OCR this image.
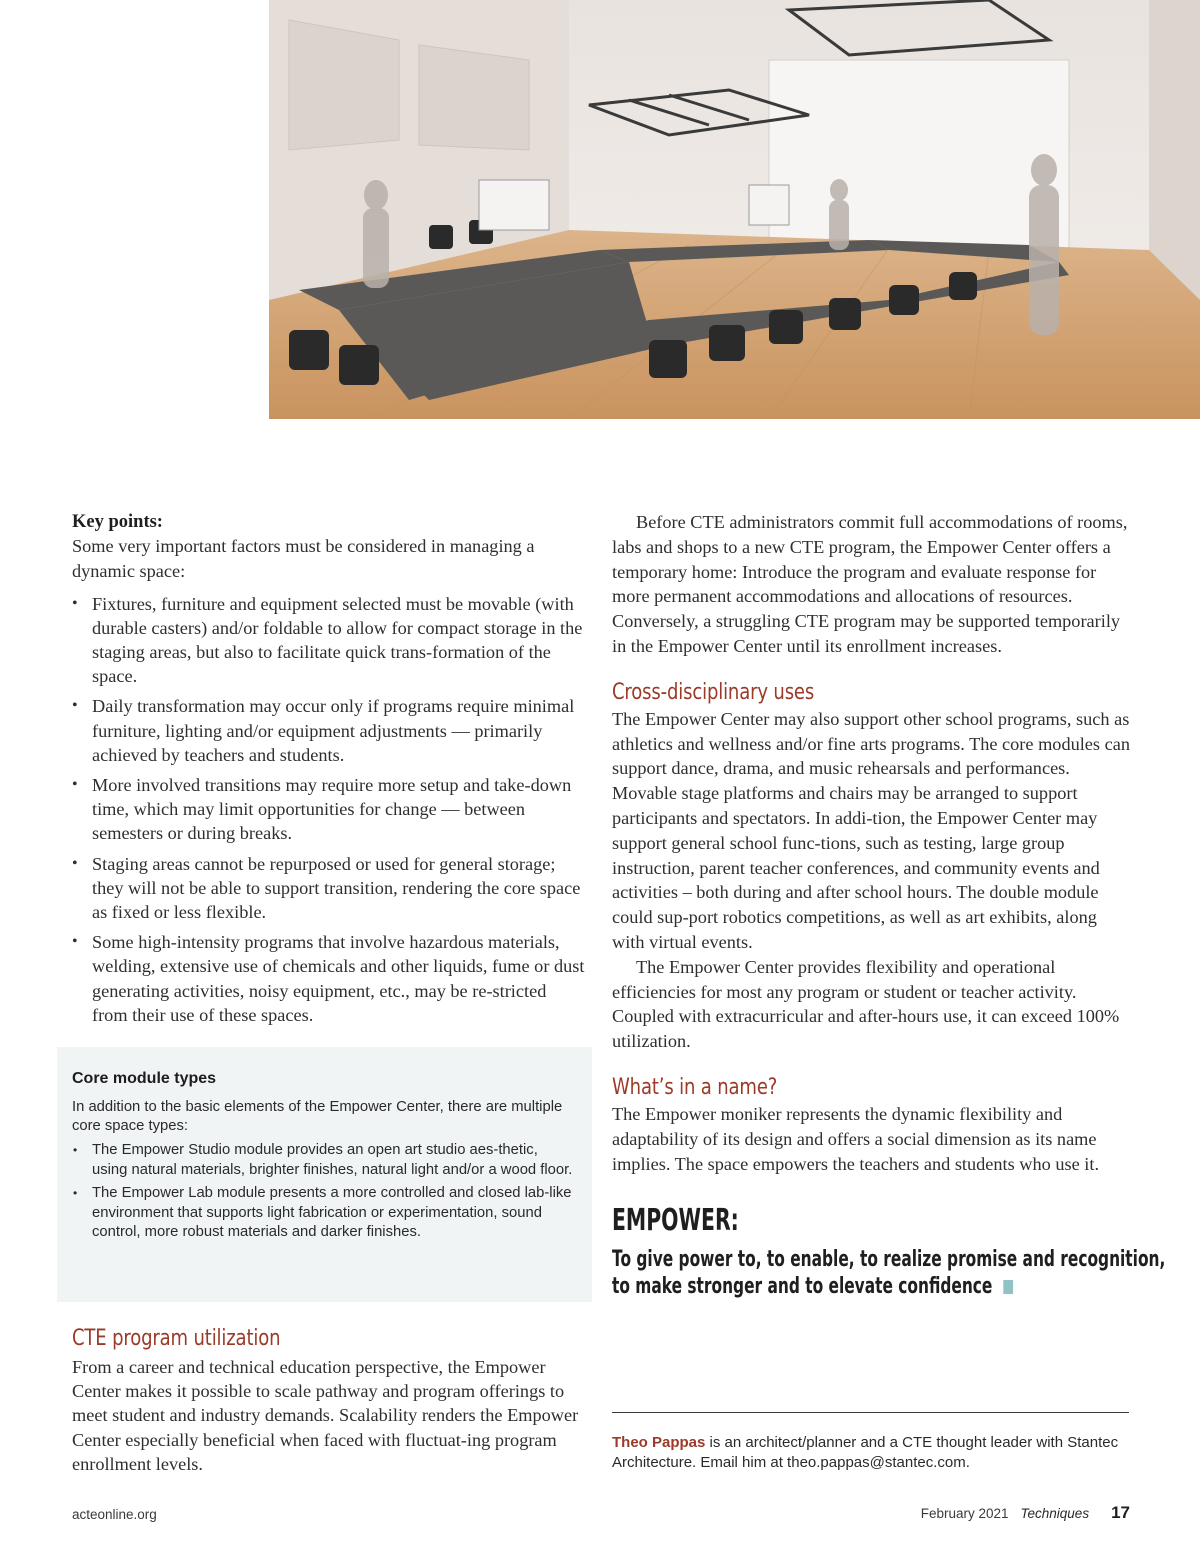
Key points:

Some very important factors must be considered in managing a dynamic space:

• Fixtures, furniture and equipment selected must be movable (with durable casters) and/or foldable to allow for compact storage in the staging areas, but also to facilitate quick trans-formation of the space.
• Daily transformation may occur only if programs require minimal furniture, lighting and/or equipment adjustments — primarily achieved by teachers and students.
• More involved transitions may require more setup and take-down time, which may limit opportunities for change — between semesters or during breaks.
• Staging areas cannot be repurposed or used for general storage; they will not be able to support transition, rendering the core space as fixed or less flexible.
• Some high-intensity programs that involve hazardous materials, welding, extensive use of chemicals and other liquids, fume or dust generating activities, noisy equipment, etc., may be re-stricted from their use of these spaces.

Core module types

In addition to the basic elements of the Empower Center, there are multiple core space types:

• The Empower Studio module provides an open art studio aes-thetic, using natural materials, brighter finishes, natural light and/or a wood floor.
• The Empower Lab module presents a more controlled and closed lab-like environment that supports light fabrication or experimentation, sound control, more robust materials and darker finishes.
CTE program utilization

From a career and technical education perspective, the Empower Center makes it possible to scale pathway and program offerings to meet student and industry demands. Scalability renders the Empower Center especially beneficial when faced with fluctuat-ing program enrollment levels.

Before CTE administrators commit full accommodations of rooms, labs and shops to a new CTE program, the Empower Center offers a temporary home: Introduce the program and evaluate response for more permanent accommodations and allocations of resources. Conversely, a struggling CTE program may be supported temporarily in the Empower Center until its enrollment increases.

Cross-disciplinary uses

The Empower Center may also support other school programs, such as athletics and wellness and/or fine arts programs. The core modules can support dance, drama, and music rehearsals and performances. Movable stage platforms and chairs may be arranged to support participants and spectators. In addi-tion, the Empower Center may support general school func-tions, such as testing, large group instruction, parent teacher conferences, and community events and activities – both during and after school hours. The double module could sup-port robotics competitions, as well as art exhibits, along with virtual events.

The Empower Center provides flexibility and operational efficiencies for most any program or student or teacher activity. Coupled with extracurricular and after-hours use, it can exceed 100% utilization.

What’s in a name?

The Empower moniker represents the dynamic flexibility and adaptability of its design and offers a social dimension as its name implies. The space empowers the teachers and students who use it.

EMPOWER:

To give power to, to enable, to realize promise and recognition,

to make stronger and to elevate confidence

Theo Pappas is an architect/planner and a CTE thought leader with Stantec Architecture. Email him at theo.pappas@stantec.com.
acteonline.org	February 2021 Techniques 17
